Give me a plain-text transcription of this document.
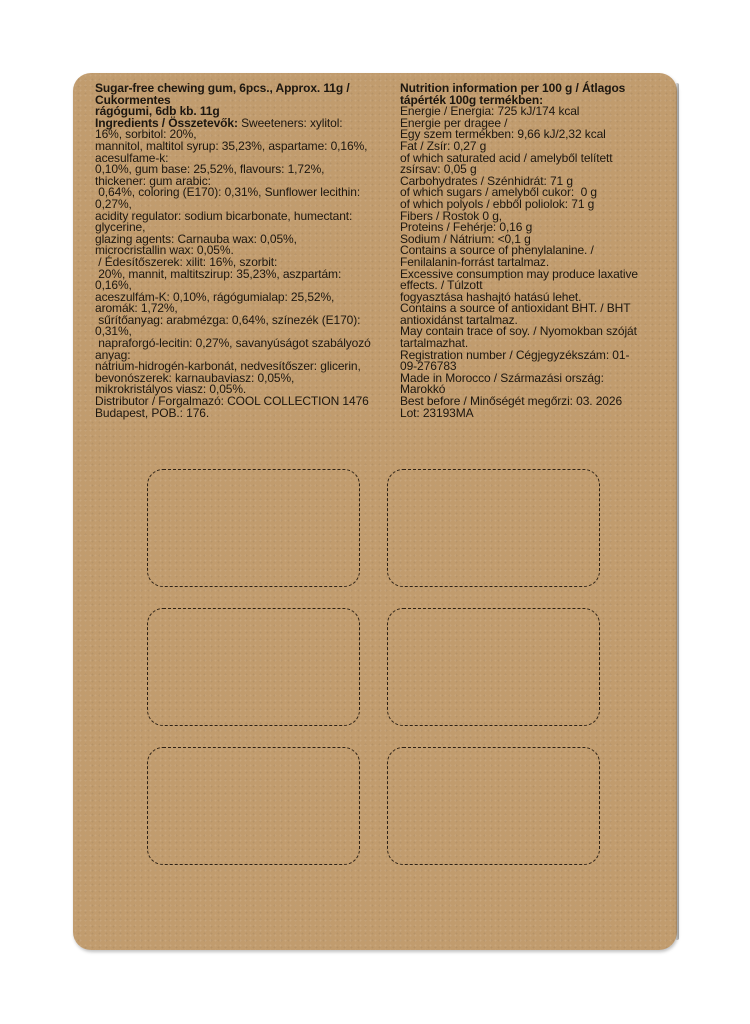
Sugar-free chewing gum, 6pcs., Approx. 11g /
Cukormentes
rágógumi, 6db kb. 11g
Ingredients / Összetevők: Sweeteners: xylitol:
16%, sorbitol: 20%,
mannitol, maltitol syrup: 35,23%, aspartame: 0,16%,
acesulfame-k:
0,10%, gum base: 25,52%, flavours: 1,72%,
thickener: gum arabic:
0,64%, coloring (E170): 0,31%, Sunflower lecithin:
0,27%,
acidity regulator: sodium bicarbonate, humectant:
glycerine,
glazing agents: Carnauba wax: 0,05%,
microcristallin wax: 0,05%.
/ Édesítőszerek: xilit: 16%, szorbit:
20%, mannit, maltitszirup: 35,23%, aszpartám:
0,16%,
aceszulfám-K: 0,10%, rágógumialap: 25,52%,
aromák: 1,72%,
sűrítőanyag: arabmézga: 0,64%, színezék (E170):
0,31%,
napraforgó-lecitin: 0,27%, savanyúságot szabályozó
anyag:
nátrium-hidrogén-karbonát, nedvesítőszer: glicerin,
bevonószerek: karnaubaviasz: 0,05%,
mikrokristályos viasz: 0,05%.
Distributor / Forgalmazó: COOL COLLECTION 1476
Budapest, POB.: 176.
Nutrition information per 100 g / Átlagos
tápérték 100g termékben:
Energie / Energia: 725 kJ/174 kcal
Energie per dragee /
Egy szem termékben: 9,66 kJ/2,32 kcal
Fat / Zsír: 0,27 g
of which saturated acid / amelyből telített
zsírsav: 0,05 g
Carbohydrates / Szénhidrát: 71 g
of which sugars / amelyből cukor:  0 g
of which polyols / ebből poliolok: 71 g
Fibers / Rostok 0 g,
Proteins / Fehérje: 0,16 g
Sodium / Nátrium: <0,1 g
Contains a source of phenylalanine. /
Fenilalanin-forrást tartalmaz.
Excessive consumption may produce laxative
effects. / Túlzott
fogyasztása hashajtó hatású lehet.
Contains a source of antioxidant BHT. / BHT
antioxidánst tartalmaz.
May contain trace of soy. / Nyomokban szóját
tartalmazhat.
Registration number / Cégjegyzékszám: 01-
09-276783
Made in Morocco / Származási ország:
Marokkó
Best before / Minőségét megőrzi: 03. 2026
Lot: 23193MA
